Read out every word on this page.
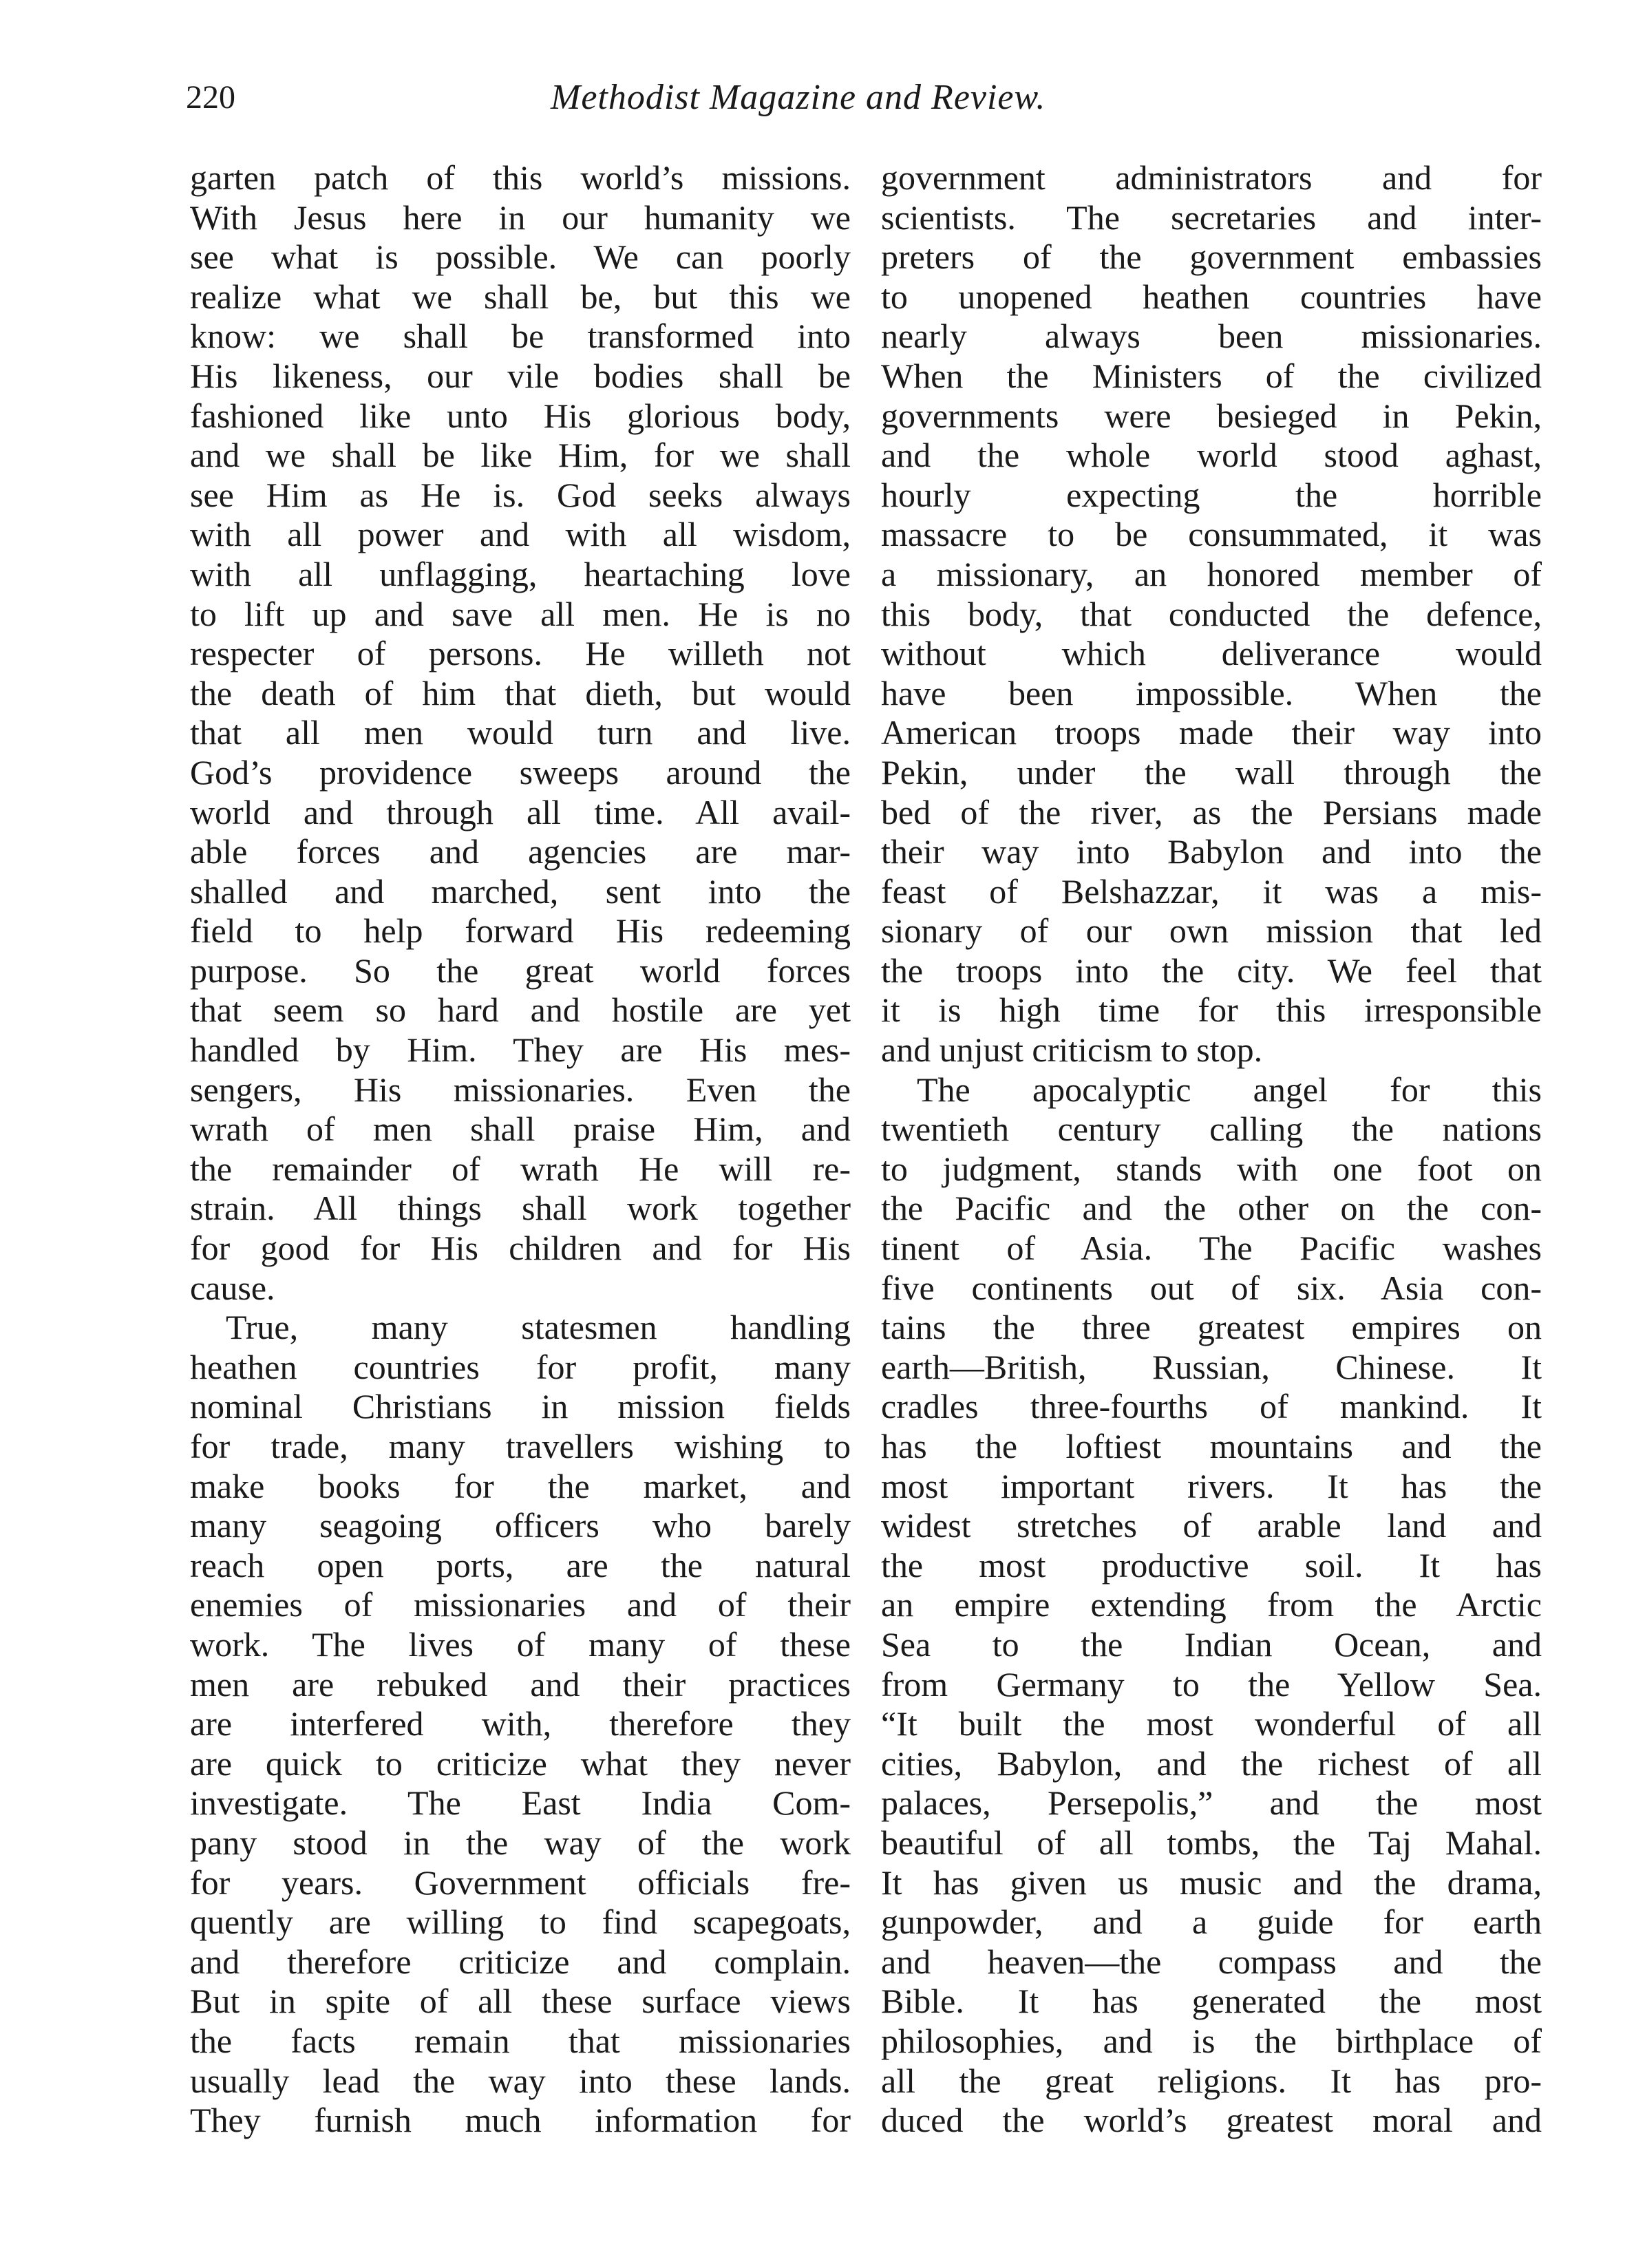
220	Methodist Magazine and Review.
garten patch of this world’s missions.
With Jesus here in our humanity we
see what is possible. We can poorly
realize what we shall be, but this we
know: we shall be transformed into
His likeness, our vile bodies shall be
fashioned like unto His glorious body,
and we shall be like Him, for we shall
see Him as He is. God seeks always
with all power and with all wisdom,
with all unflagging, heartaching love
to lift up and save all men. He is no
respecter of persons. He willeth not
the death of him that dieth, but would
that all men would turn and live.
God’s providence sweeps around the
world and through all time. All avail-
able forces and agencies are mar-
shalled and marched, sent into the
field to help forward His redeeming
purpose. So the great world forces
that seem so hard and hostile are yet
handled by Him. They are His mes-
sengers, His missionaries. Even the
wrath of men shall praise Him, and
the remainder of wrath He will re-
strain. All things shall work together
for good for His children and for His
cause.
True, many statesmen handling
heathen countries for profit, many
nominal Christians in mission fields
for trade, many travellers wishing to
make books for the market, and
many seagoing officers who barely
reach open ports, are the natural
enemies of missionaries and of their
work. The lives of many of these
men are rebuked and their practices
are interfered with, therefore they
are quick to criticize what they never
investigate. The East India Com-
pany stood in the way of the work
for years. Government officials fre-
quently are willing to find scapegoats,
and therefore criticize and complain.
But in spite of all these surface views
the facts remain that missionaries
usually lead the way into these lands.
They furnish much information for
government administrators and for
scientists. The secretaries and inter-
preters of the government embassies
to unopened heathen countries have
nearly always been missionaries.
When the Ministers of the civilized
governments were besieged in Pekin,
and the whole world stood aghast,
hourly expecting the horrible
massacre to be consummated, it was
a missionary, an honored member of
this body, that conducted the defence,
without which deliverance would
have been impossible. When the
American troops made their way into
Pekin, under the wall through the
bed of the river, as the Persians made
their way into Babylon and into the
feast of Belshazzar, it was a mis-
sionary of our own mission that led
the troops into the city. We feel that
it is high time for this irresponsible
and unjust criticism to stop.
The apocalyptic angel for this
twentieth century calling the nations
to judgment, stands with one foot on
the Pacific and the other on the con-
tinent of Asia. The Pacific washes
five continents out of six. Asia con-
tains the three greatest empires on
earth—British, Russian, Chinese. It
cradles three-fourths of mankind. It
has the loftiest mountains and the
most important rivers. It has the
widest stretches of arable land and
the most productive soil. It has
an empire extending from the Arctic
Sea to the Indian Ocean, and
from Germany to the Yellow Sea.
“It built the most wonderful of all
cities, Babylon, and the richest of all
palaces, Persepolis,” and the most
beautiful of all tombs, the Taj Mahal.
It has given us music and the drama,
gunpowder, and a guide for earth
and heaven—the compass and the
Bible. It has generated the most
philosophies, and is the birthplace of
all the great religions. It has pro-
duced the world’s greatest moral and
